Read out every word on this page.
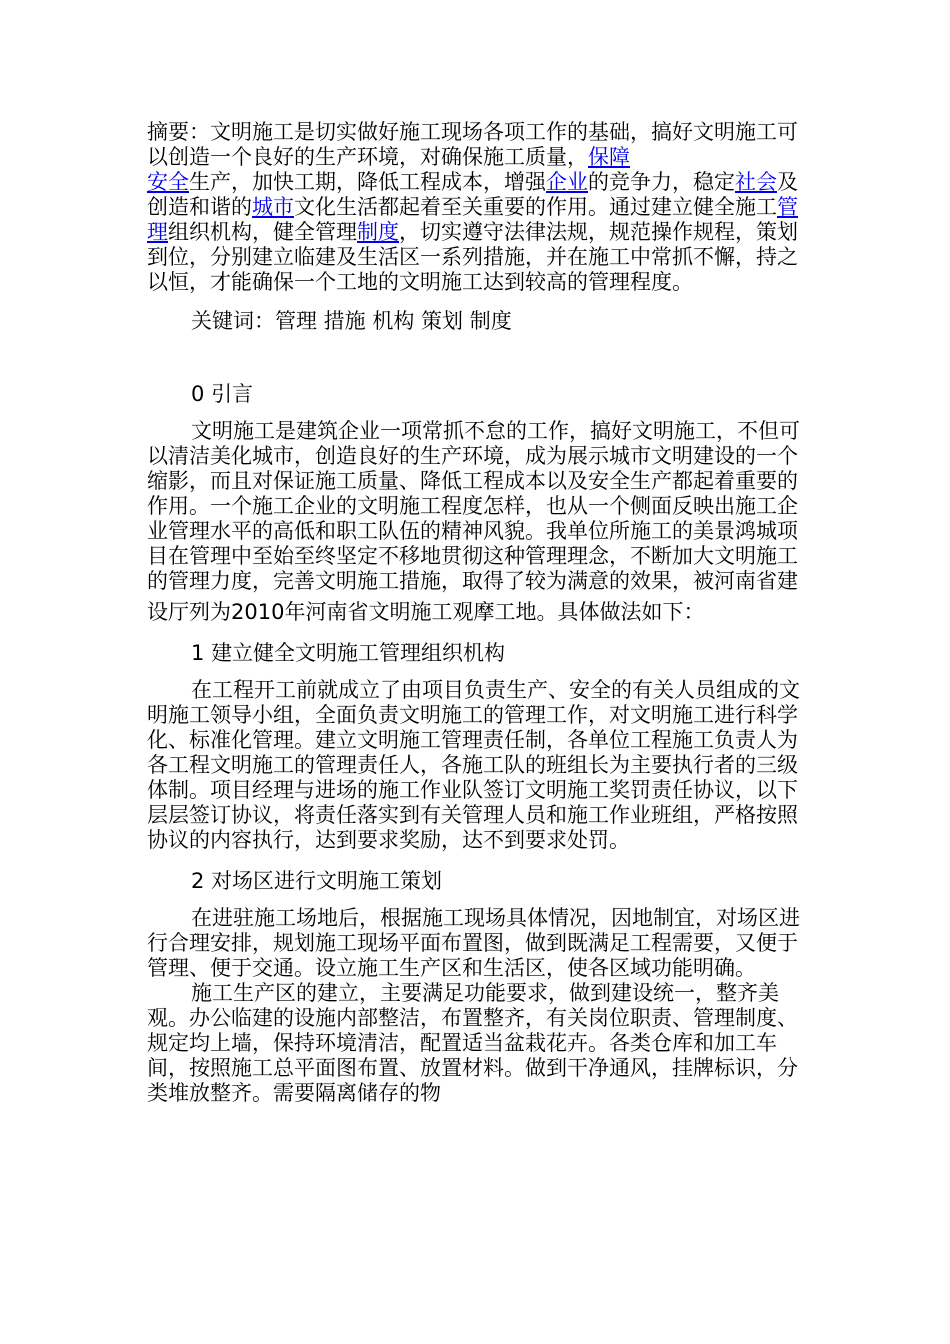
摘要：文明施工是切实做好施工现场各项工作的基础，搞好文明施工可以创造一个良好的生产环境，对确保施工质量，保障
安全生产，加快工期，降低工程成本，增强企业的竞争力，稳定社会及创造和谐的城市文化生活都起着至关重要的作用。通过建立健全施工管理组织机构，健全管理制度，切实遵守法律法规，规范操作规程，策划到位，分别建立临建及生活区一系列措施，并在施工中常抓不懈，持之以恒，才能确保一个工地的文明施工达到较高的管理程度。

关键词：管理 措施 机构 策划 制度

0 引言

文明施工是建筑企业一项常抓不怠的工作，搞好文明施工，不但可以清洁美化城市，创造良好的生产环境，成为展示城市文明建设的一个缩影，而且对保证施工质量、降低工程成本以及安全生产都起着重要的作用。一个施工企业的文明施工程度怎样，也从一个侧面反映出施工企业管理水平的高低和职工队伍的精神风貌。我单位所施工的美景鸿城项目在管理中至始至终坚定不移地贯彻这种管理理念，不断加大文明施工的管理力度，完善文明施工措施，取得了较为满意的效果，被河南省建

设厅列为2010年河南省文明施工观摩工地。具体做法如下：

1 建立健全文明施工管理组织机构

在工程开工前就成立了由项目负责生产、安全的有关人员组成的文明施工领导小组，全面负责文明施工的管理工作，对文明施工进行科学化、标准化管理。建立文明施工管理责任制，各单位工程施工负责人为各工程文明施工的管理责任人，各施工队的班组长为主要执行者的三级体制。项目经理与进场的施工作业队签订文明施工奖罚责任协议，以下层层签订协议，将责任落实到有关管理人员和施工作业班组，严格按照协议的内容执行，达到要求奖励，达不到要求处罚。

2 对场区进行文明施工策划

在进驻施工场地后，根据施工现场具体情况，因地制宜，对场区进行合理安排，规划施工现场平面布置图，做到既满足工程需要，又便于管理、便于交通。设立施工生产区和生活区，使各区域功能明确。

施工生产区的建立，主要满足功能要求，做到建设统一，整齐美观。办公临建的设施内部整洁，布置整齐，有关岗位职责、管理制度、规定均上墙，保持环境清洁，配置适当盆栽花卉。各类仓库和加工车间，按照施工总平面图布置、放置材料。做到干净通风，挂牌标识，分类堆放整齐。需要隔离储存的物
